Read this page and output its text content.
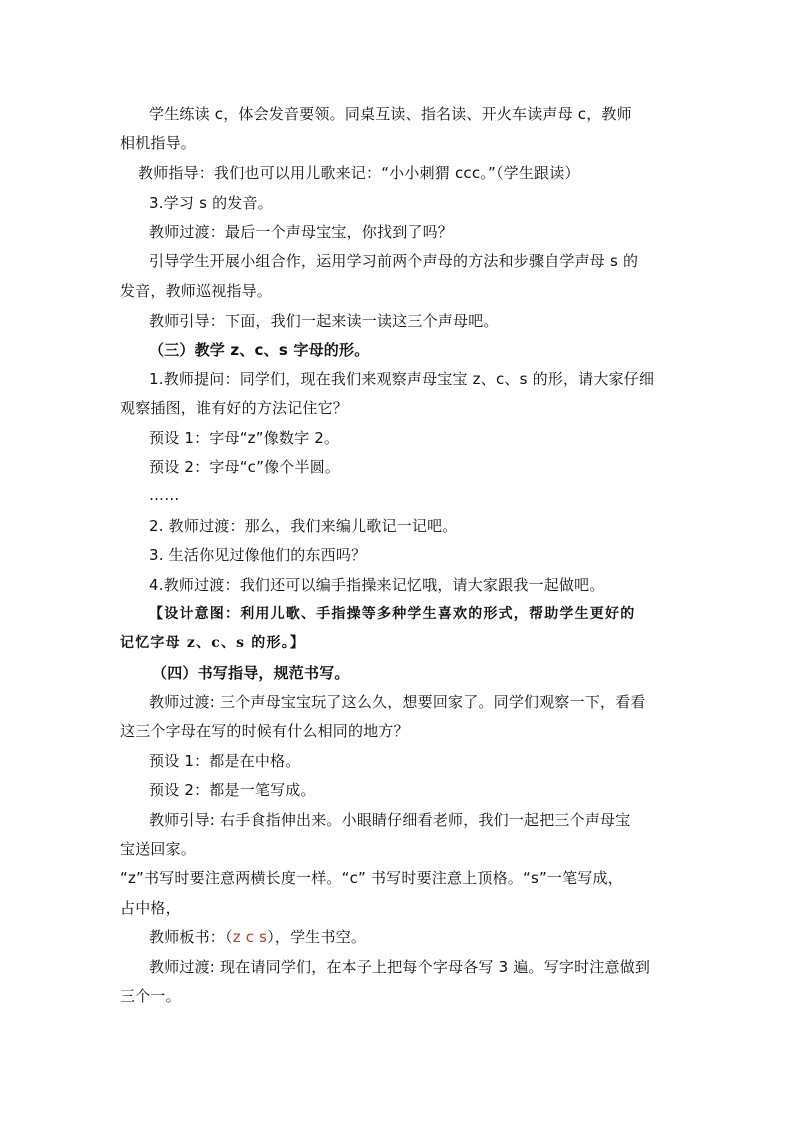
学生练读 c，体会发音要领。同桌互读、指名读、开火车读声母 c，教师
相机指导。
教师指导：我们也可以用儿歌来记：“小小刺猬 ccc。”（学生跟读）
3.学习 s 的发音。
教师过渡：最后一个声母宝宝，你找到了吗？
引导学生开展小组合作，运用学习前两个声母的方法和步骤自学声母 s 的
发音，教师巡视指导。
教师引导：下面，我们一起来读一读这三个声母吧。
（三）教学 z、c、s 字母的形。
1.教师提问：同学们，现在我们来观察声母宝宝 z、c、s 的形，请大家仔细
观察插图，谁有好的方法记住它？
预设 1：字母“z”像数字 2。
预设 2：字母“c”像个半圆。
……
2. 教师过渡：那么，我们来编儿歌记一记吧。
3. 生活你见过像他们的东西吗？
4.教师过渡：我们还可以编手指操来记忆哦，请大家跟我一起做吧。
【设计意图：利用儿歌、手指操等多种学生喜欢的形式，帮助学生更好的
记忆字母 z、c、s 的形。】
（四）书写指导，规范书写。
教师过渡: 三个声母宝宝玩了这么久，想要回家了。同学们观察一下，看看
这三个字母在写的时候有什么相同的地方？
预设 1：都是在中格。
预设 2：都是一笔写成。
教师引导: 右手食指伸出来。小眼睛仔细看老师，我们一起把三个声母宝
宝送回家。
“z”书写时要注意两横长度一样。“c” 书写时要注意上顶格。“s”一笔写成，
占中格，
教师板书：（z c s），学生书空。
教师过渡: 现在请同学们，在本子上把每个字母各写 3 遍。写字时注意做到
三个一。
